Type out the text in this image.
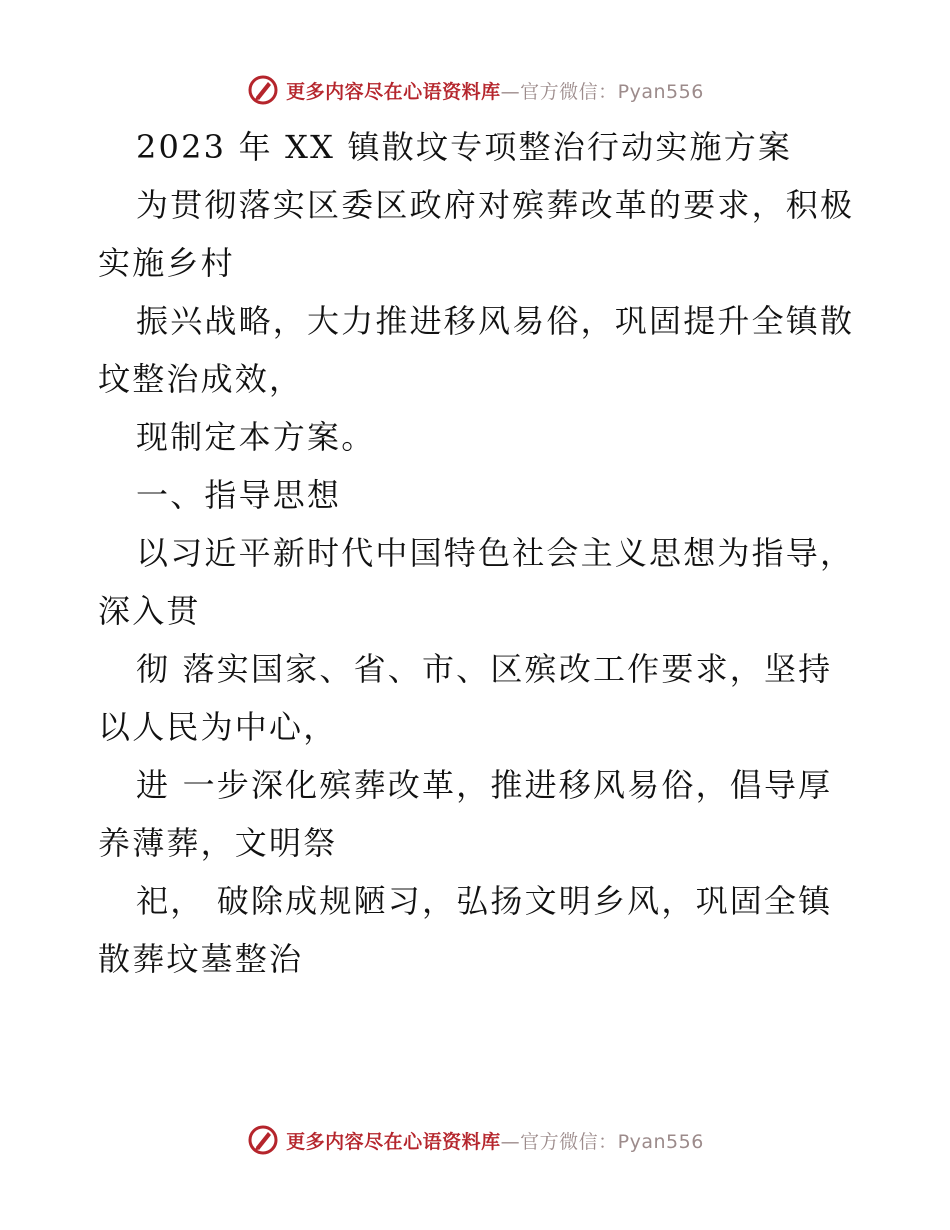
更多内容尽在心语资料库—官方微信：Pyan556
2023 年 XX 镇散坟专项整治行动实施方案
为贯彻落实区委区政府对殡葬改革的要求，积极
实施乡村
振兴战略，大力推进移风易俗，巩固提升全镇散
坟整治成效，
现制定本方案。
一、指导思想
以习近平新时代中国特色社会主义思想为指导，
深入贯
彻 落实国家、省、市、区殡改工作要求，坚持
以人民为中心，
进 一步深化殡葬改革，推进移风易俗，倡导厚
养薄葬，文明祭
祀， 破除成规陋习，弘扬文明乡风，巩固全镇
散葬坟墓整治
更多内容尽在心语资料库—官方微信：Pyan556
